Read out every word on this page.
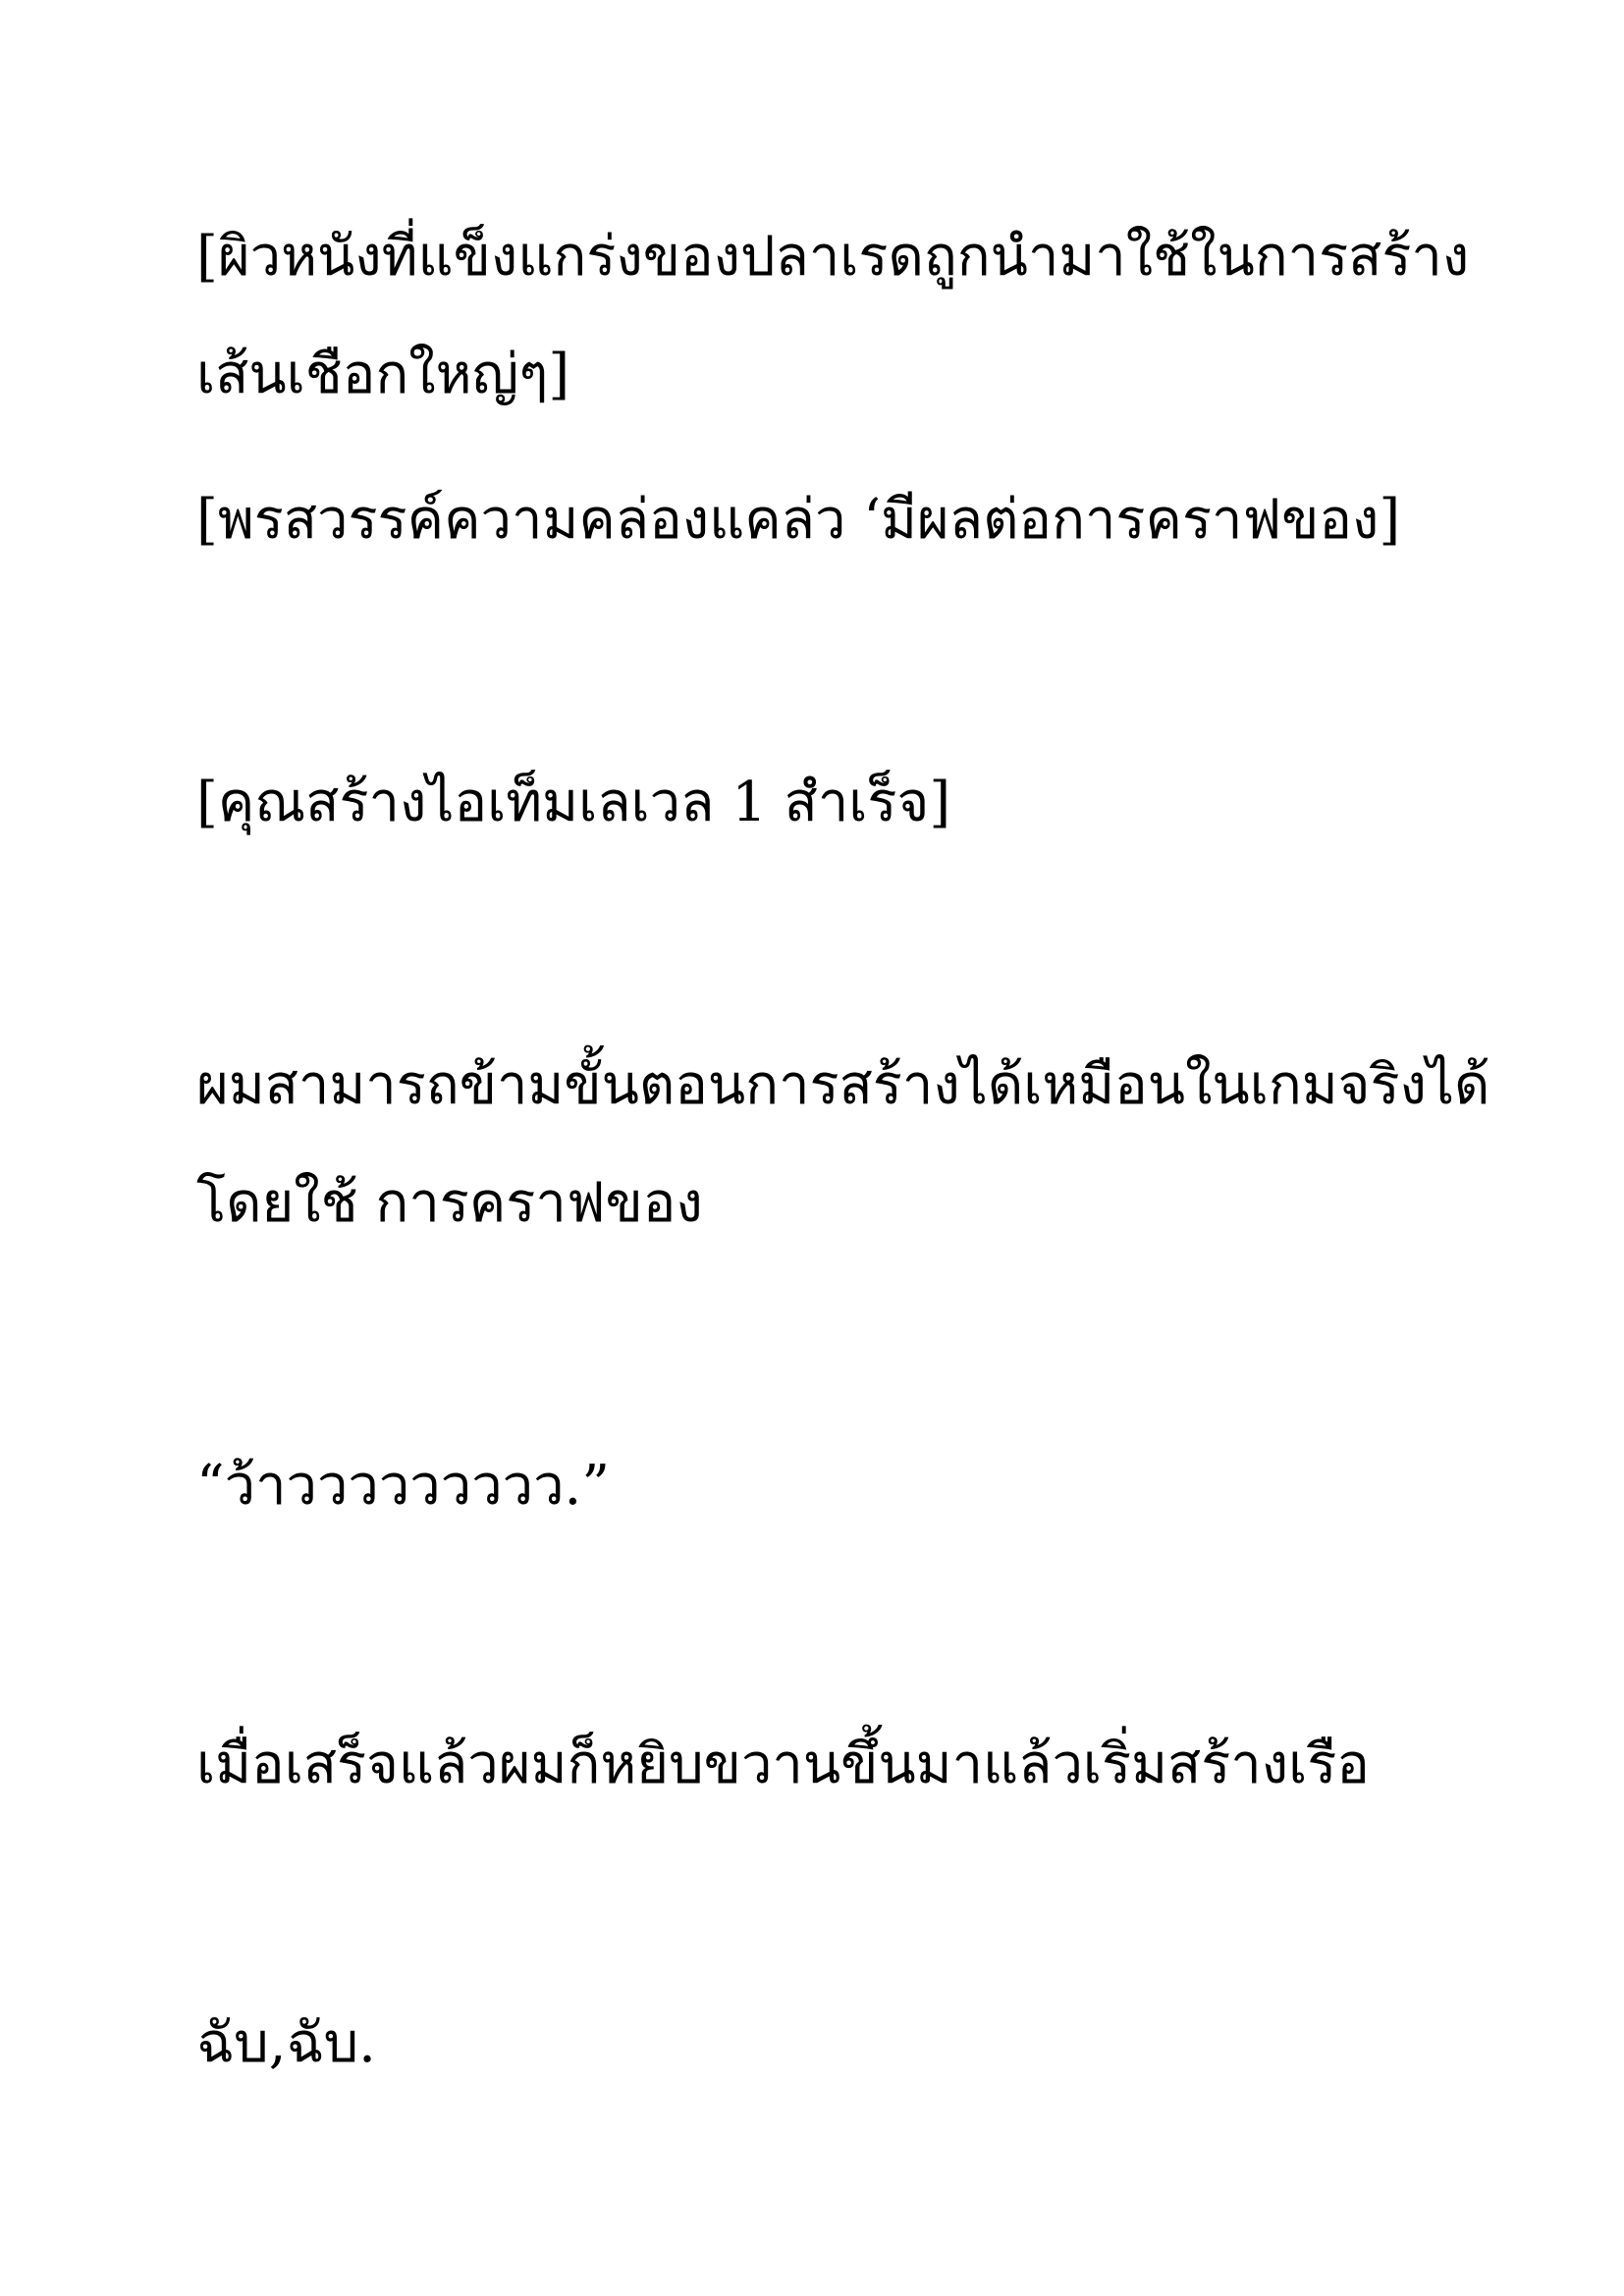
[ผิวหนังที่แข็งแกร่งของปลาเรดถูกนำมาใช้ในการสร้าง
เส้นเชือกใหญ่ๆ]
[พรสวรรค์ความคล่องแคล่ว ‘มีผลต่อการคราฟของ]
[คุณสร้างไอเท็มเลเวล 1 สำเร็จ]
ผมสามารถข้ามขั้นตอนการสร้างได้เหมือนในเกมจริงได้
โดยใช้ การคราฟของ
“ว้าววววววววว.”
เมื่อเสร็จแล้วผมก็หยิบขวานขึ้นมาแล้วเริ่มสร้างเรือ
ฉับ,ฉับ.
